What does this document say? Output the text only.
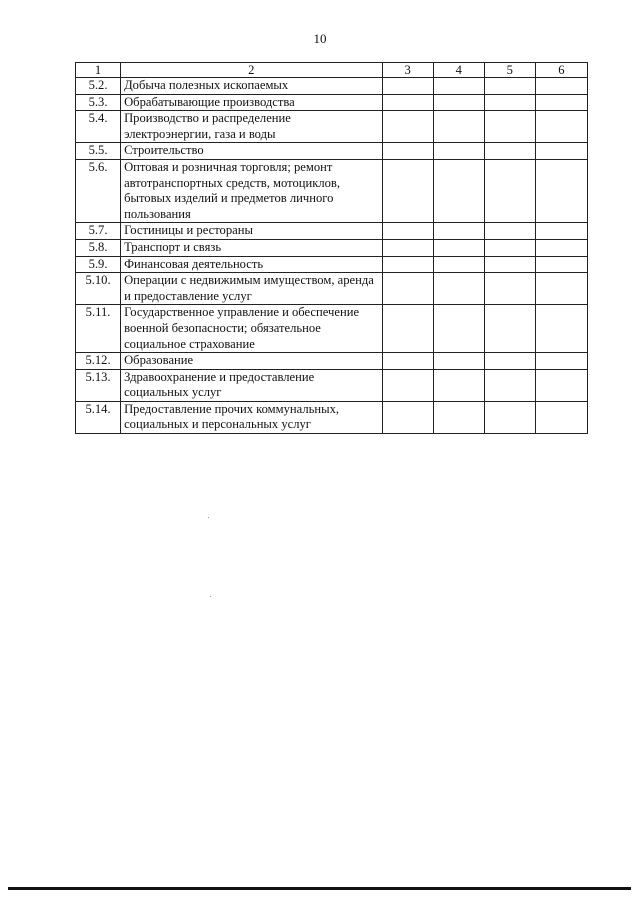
10
1	2	3	4	5	6
5.2.	Добыча полезных ископаемых				
5.3.	Обрабатывающие производства				
5.4.	Производство и распределение электроэнергии, газа и воды				
5.5.	Строительство				
5.6.	Оптовая и розничная торговля; ремонт автотранспортных средств, мотоциклов, бытовых изделий и предметов личного пользования				
5.7.	Гостиницы и рестораны				
5.8.	Транспорт и связь				
5.9.	Финансовая деятельность				
5.10.	Операции с недвижимым имуществом, аренда и предоставление услуг				
5.11.	Государственное управление и обеспечение военной безопасности; обязательное социальное страхование				
5.12.	Образование				
5.13.	Здравоохранение и предоставление социальных услуг				
5.14.	Предоставление прочих коммунальных, социальных и персональных услуг				
